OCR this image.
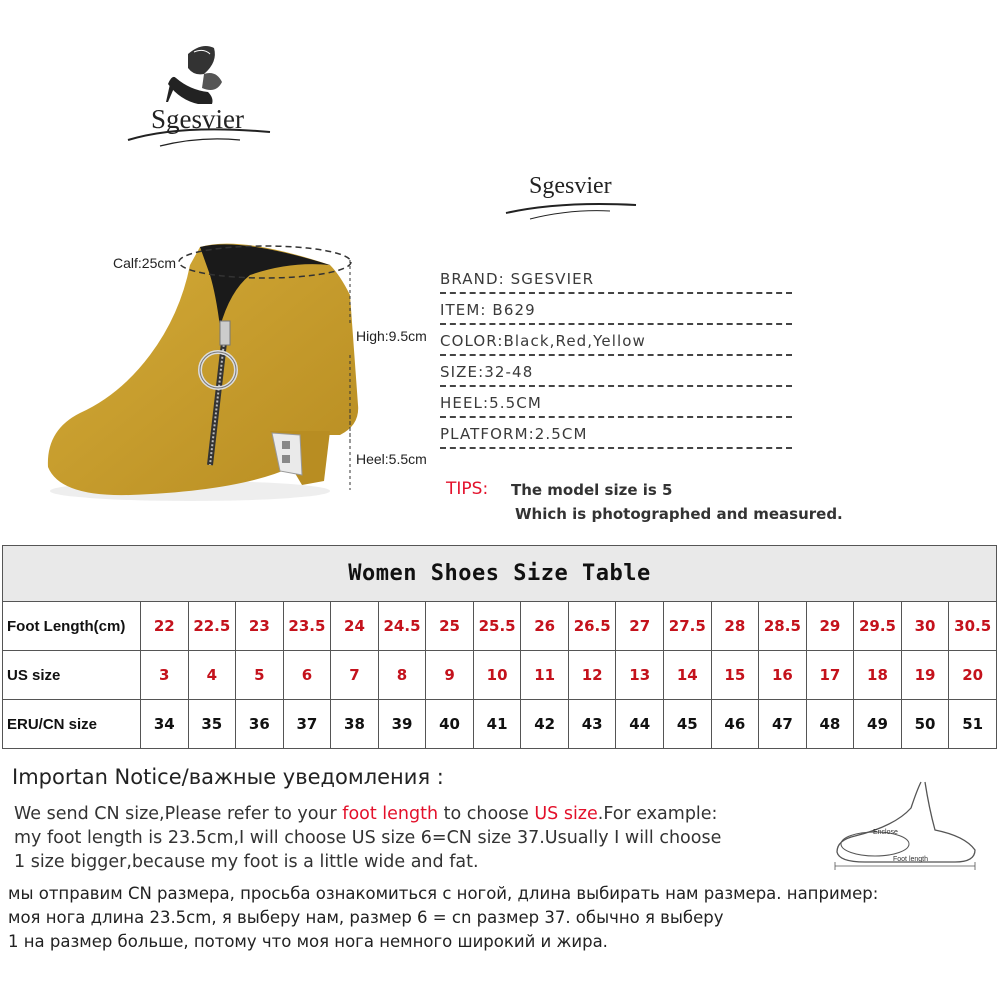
Sgesvier
Sgesvier
Calf:25cm
High:9.5cm
Heel:5.5cm
BRAND: SGESVIER
ITEM: B629
COLOR:Black,Red,Yellow
SIZE:32-48
HEEL:5.5CM
PLATFORM:2.5CM
TIPS: The model size is 5
Which is photographed and measured.
Women Shoes Size Table																		
Foot Length(cm)	22	22.5	23	23.5	24	24.5	25	25.5	26	26.5	27	27.5	28	28.5	29	29.5	30	30.5
US size	3	4	5	6	7	8	9	10	11	12	13	14	15	16	17	18	19	20
ERU/CN size	34	35	36	37	38	39	40	41	42	43	44	45	46	47	48	49	50	51
Importan Notice/важные уведомления :
We send CN size,Please refer to your foot length to choose US size.For example:
my foot length is 23.5cm,I will choose US size 6=CN size 37.Usually I will choose
1 size bigger,because my foot is a little wide and fat.
мы отправим CN размера, просьба ознакомиться с ногой, длина выбирать нам размера. например:
моя нога длина 23.5cm, я выберу нам, размер 6 = cn размер 37. обычно я выберу
1 на размер больше, потому что моя нога немного широкий и жира.
Enclose
Foot length
